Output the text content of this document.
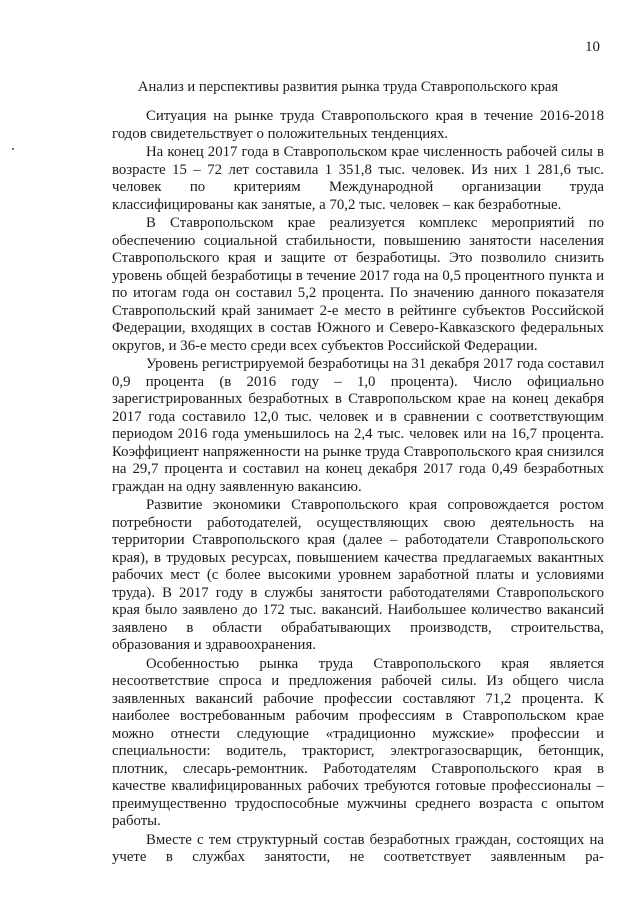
10
Анализ и перспективы развития рынка труда Ставропольского края

Ситуация на рынке труда Ставропольского края в течение 2016-2018 годов свидетельствует о положительных тенденциях.

На конец 2017 года в Ставропольском крае численность рабочей силы в возрасте 15 – 72 лет составила 1 351,8 тыс. человек. Из них 1 281,6 тыс. человек по критериям Международной организации труда классифицированы как занятые, а 70,2 тыс. человек – как безработные.

В Ставропольском крае реализуется комплекс мероприятий по обеспечению социальной стабильности, повышению занятости населения Ставропольского края и защите от безработицы. Это позволило снизить уровень общей безработицы в течение 2017 года на 0,5 процентного пункта и по итогам года он составил 5,2 процента. По значению данного показателя Ставропольский край занимает 2-е место в рейтинге субъектов Российской Федерации, входящих в состав Южного и Северо-Кавказского федеральных округов, и 36-е место среди всех субъектов Российской Федерации.

Уровень регистрируемой безработицы на 31 декабря 2017 года составил 0,9 процента (в 2016 году – 1,0 процента). Число официально зарегистрированных безработных в Ставропольском крае на конец декабря 2017 года составило 12,0 тыс. человек и в сравнении с соответствующим периодом 2016 года уменьшилось на 2,4 тыс. человек или на 16,7 процента. Коэффициент напряженности на рынке труда Ставропольского края снизился на 29,7 процента и составил на конец декабря 2017 года 0,49 безработных граждан на одну заявленную вакансию.

Развитие экономики Ставропольского края сопровождается ростом потребности работодателей, осуществляющих свою деятельность на территории Ставропольского края (далее – работодатели Ставропольского края), в трудовых ресурсах, повышением качества предлагаемых вакантных рабочих мест (с более высокими уровнем заработной платы и условиями труда). В 2017 году в службы занятости работодателями Ставропольского края было заявлено до 172 тыс. вакансий. Наибольшее количество вакансий заявлено в области обрабатывающих производств, строительства, образования и здравоохранения.

Особенностью рынка труда Ставропольского края является несоответствие спроса и предложения рабочей силы. Из общего числа заявленных вакансий рабочие профессии составляют 71,2 процента. К наиболее востребованным рабочим профессиям в Ставропольском крае можно отнести следующие «традиционно мужские» профессии и специальности: водитель, тракторист, электрогазосварщик, бетонщик, плотник, слесарь-ремонтник. Работодателям Ставропольского края в качестве квалифицированных рабочих требуются готовые профессионалы – преимущественно трудоспособные мужчины среднего возраста с опытом работы.

Вместе с тем структурный состав безработных граждан, состоящих на учете в службах занятости, не соответствует заявленным ра-
